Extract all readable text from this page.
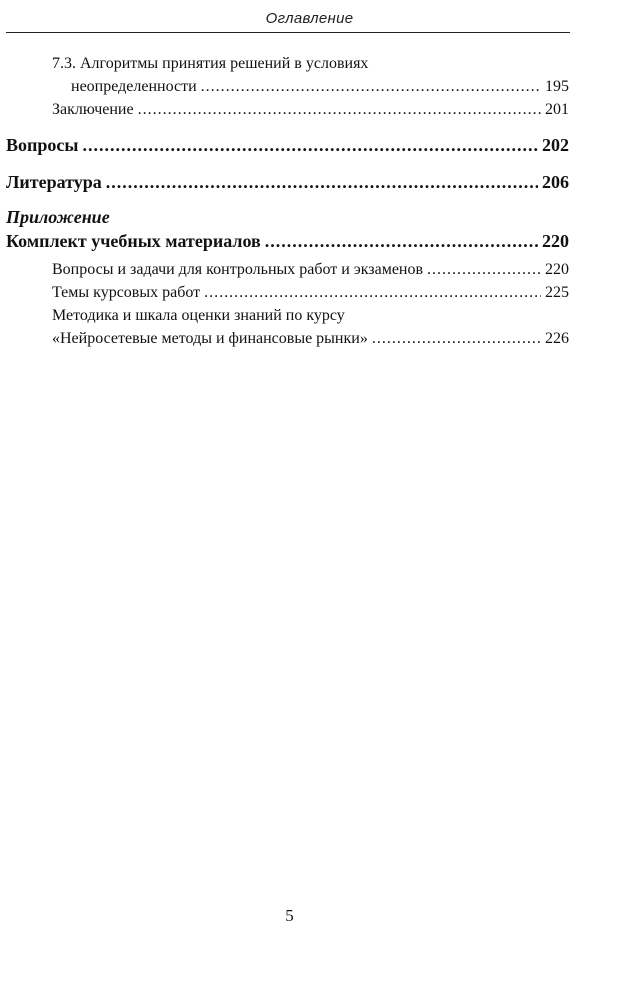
Оглавление
7.3. Алгоритмы принятия решений в условиях
неопределенности .....	195
Заключение .....	201
Вопросы .....	202
Литература .....	206
Приложение
Комплект учебных материалов .....	220
Вопросы и задачи для контрольных работ и экзаменов .....	220
Темы курсовых работ .....	225
Методика и шкала оценки знаний по курсу
«Нейросетевые методы и финансовые рынки» .....	226
5
